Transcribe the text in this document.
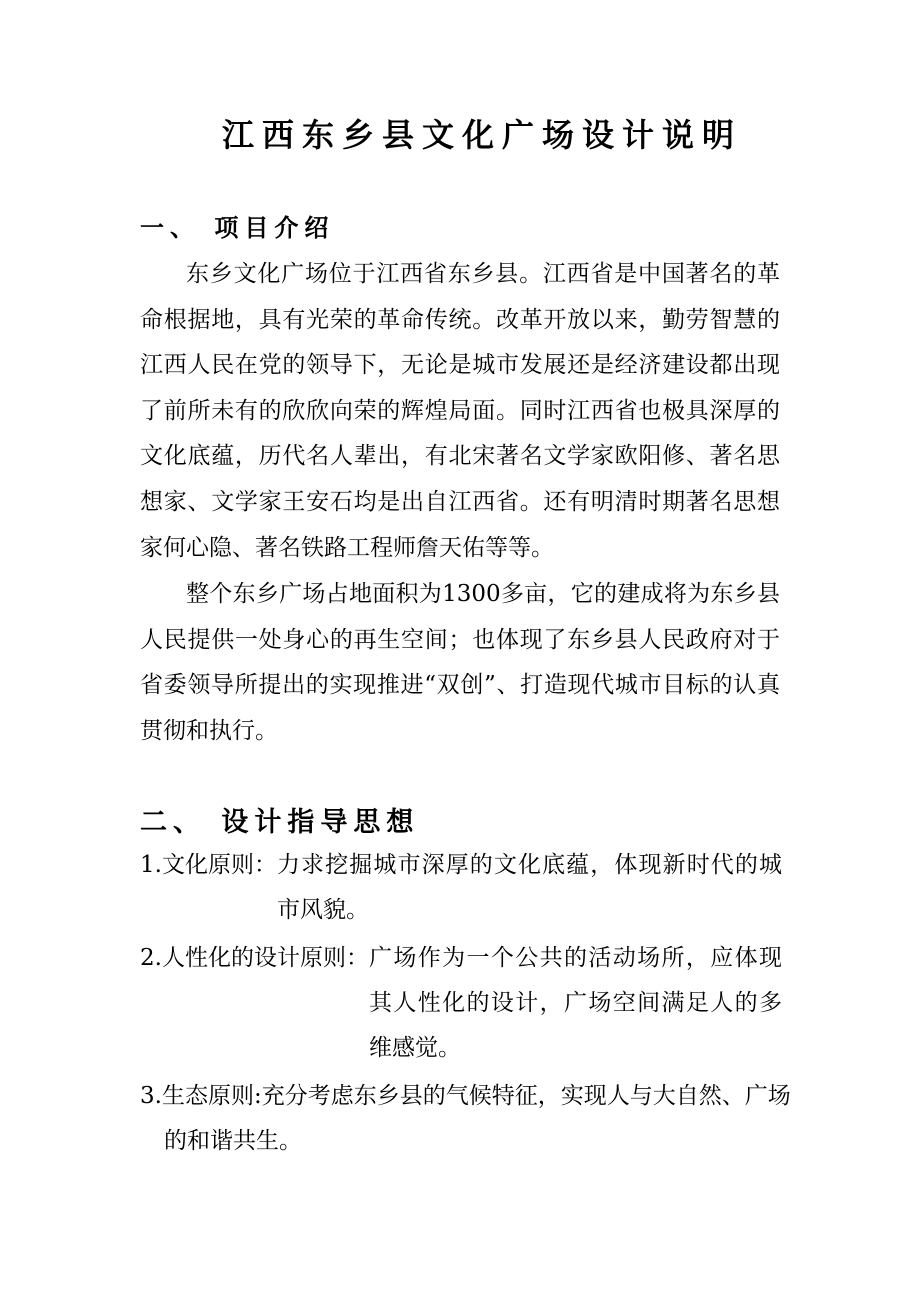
江西东乡县文化广场设计说明
一、 项目介绍

东乡文化广场位于江西省东乡县。江西省是中国著名的革命根据地，具有光荣的革命传统。改革开放以来，勤劳智慧的江西人民在党的领导下，无论是城市发展还是经济建设都出现了前所未有的欣欣向荣的辉煌局面。同时江西省也极具深厚的文化底蕴，历代名人辈出，有北宋著名文学家欧阳修、著名思想家、文学家王安石均是出自江西省。还有明清时期著名思想家何心隐、著名铁路工程师詹天佑等等。

整个东乡广场占地面积为1300多亩，它的建成将为东乡县人民提供一处身心的再生空间；也体现了东乡县人民政府对于省委领导所提出的实现推进“双创”、打造现代城市目标的认真贯彻和执行。

二、 设计指导思想
1.文化原则： 力求挖掘城市深厚的文化底蕴，体现新时代的城市风貌。
2.人性化的设计原则： 广场作为一个公共的活动场所，应体现其人性化的设计，广场空间满足人的多维感觉。
3.生态原则:充分考虑东乡县的气候特征，实现人与大自然、广场的和谐共生。
